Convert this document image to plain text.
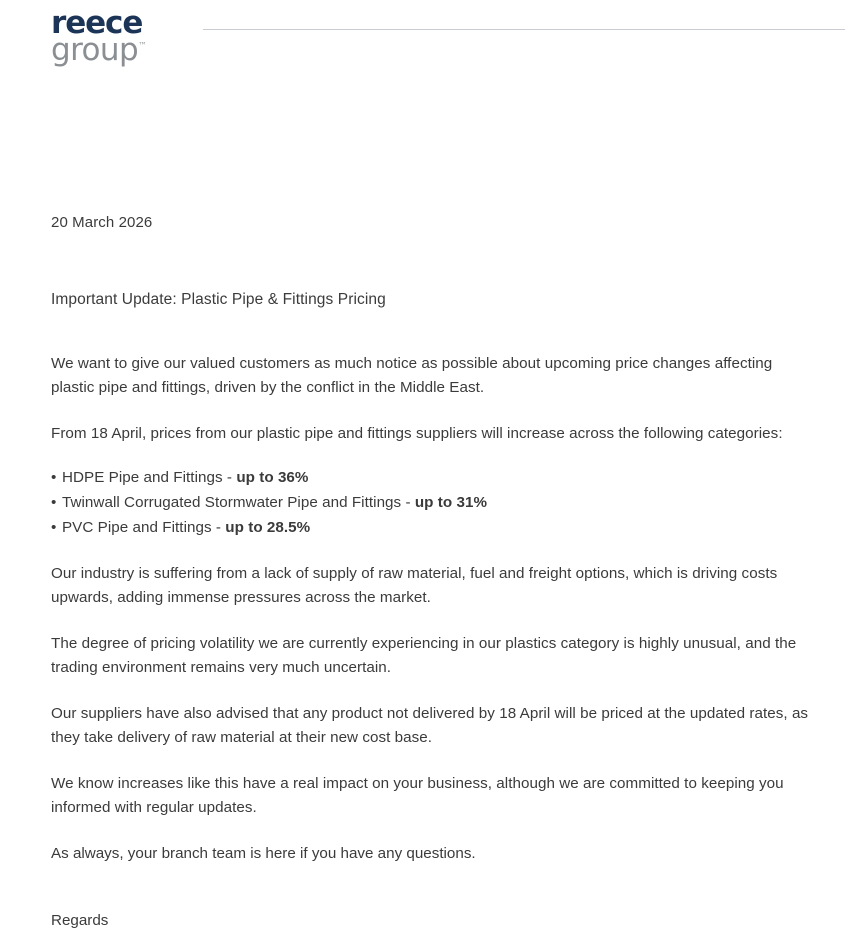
reece
group™
20 March 2026
Important Update: Plastic Pipe & Fittings Pricing

We want to give our valued customers as much notice as possible about upcoming price changes affecting plastic pipe and fittings, driven by the conflict in the Middle East.

From 18 April, prices from our plastic pipe and fittings suppliers will increase across the following categories:

• HDPE Pipe and Fittings - up to 36%
• Twinwall Corrugated Stormwater Pipe and Fittings - up to 31%
• PVC Pipe and Fittings - up to 28.5%

Our industry is suffering from a lack of supply of raw material, fuel and freight options, which is driving costs upwards, adding immense pressures across the market.

The degree of pricing volatility we are currently experiencing in our plastics category is highly unusual, and the trading environment remains very much uncertain.

Our suppliers have also advised that any product not delivered by 18 April will be priced at the updated rates, as they take delivery of raw material at their new cost base.

We know increases like this have a real impact on your business, although we are committed to keeping you informed with regular updates.

As always, your branch team is here if you have any questions.

Regards
